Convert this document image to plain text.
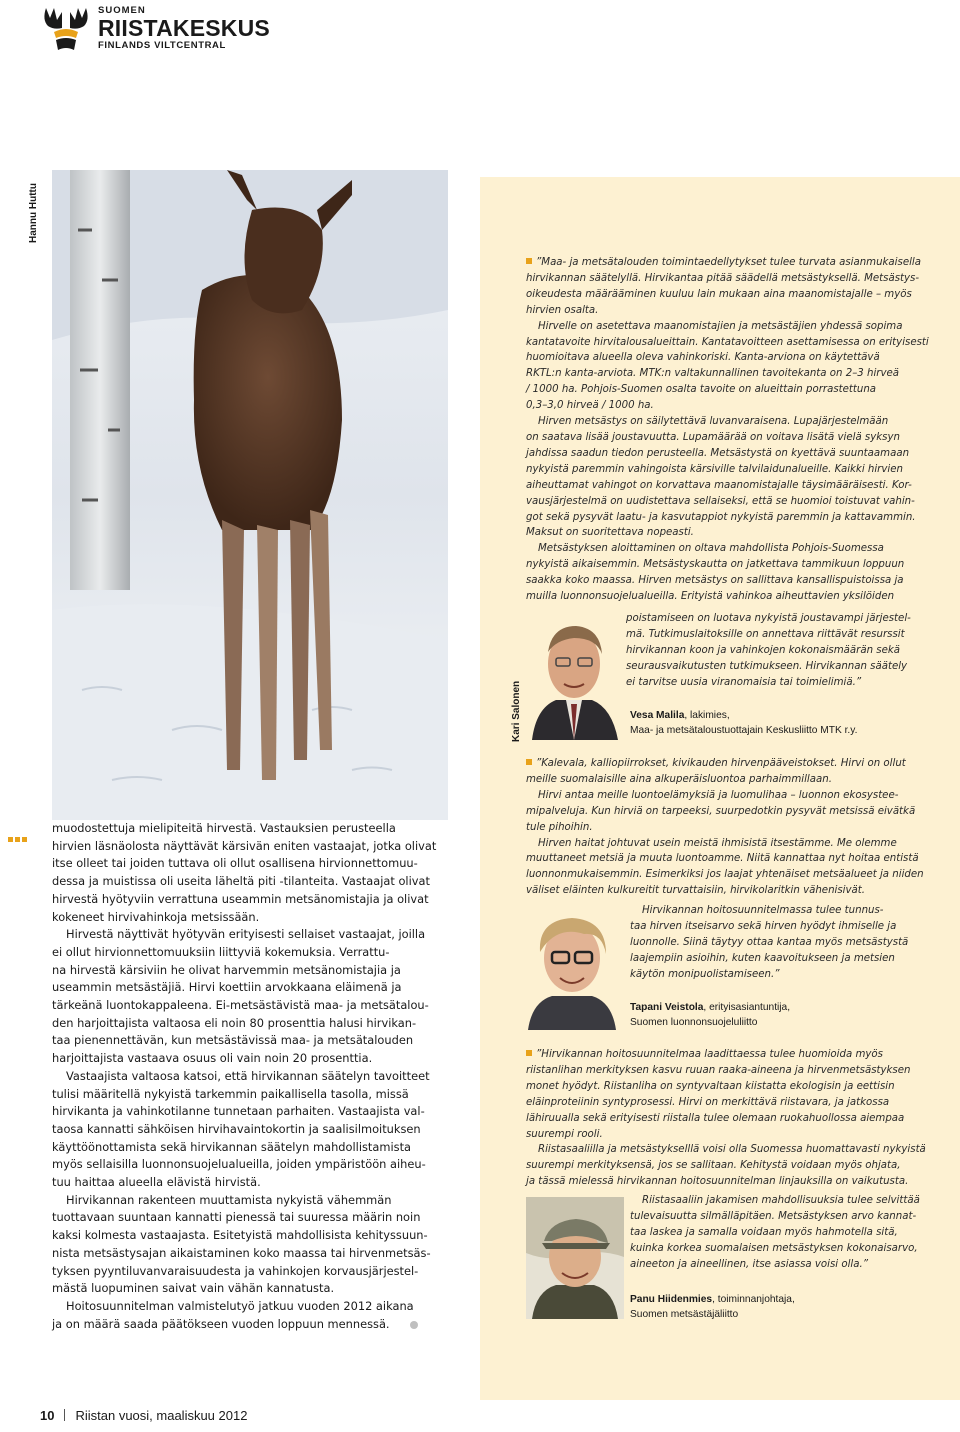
SUOMEN
RIISTAKESKUS
FINLANDS VILTCENTRAL
Hannu Huttu

”Maa- ja metsätalouden toimintaedellytykset tulee turvata asianmukaisella

hirvikannan säätelyllä. Hirvikantaa pitää säädellä metsästyksellä. Metsästys-

oikeudesta määrääminen kuuluu lain mukaan aina maanomistajalle – myös

hirvien osalta.

Hirvelle on asetettava maanomistajien ja metsästäjien yhdessä sopima

kantatavoite hirvitalousalueittain. Kantatavoitteen asettamisessa on erityisesti

huomioitava alueella oleva vahinkoriski. Kanta-arviona on käytettävä

RKTL:n kanta-arviota. MTK:n valtakunnallinen tavoitekanta on 2–3 hirveä

/ 1000 ha. Pohjois-Suomen osalta tavoite on alueittain porrastettuna

0,3–3,0 hirveä / 1000 ha.

Hirven metsästys on säilytettävä luvanvaraisena. Lupajärjestelmään

on saatava lisää joustavuutta. Lupamäärää on voitava lisätä vielä syksyn

jahdissa saadun tiedon perusteella. Metsästystä on kyettävä suuntaamaan

nykyistä paremmin vahingoista kärsiville talvilaidunalueille. Kaikki hirvien

aiheuttamat vahingot on korvattava maanomistajalle täysimääräisesti. Kor-

vausjärjestelmä on uudistettava sellaiseksi, että se huomioi toistuvat vahin-

got sekä pysyvät laatu- ja kasvutappiot nykyistä paremmin ja kattavammin.

Maksut on suoritettava nopeasti.

Metsästyksen aloittaminen on oltava mahdollista Pohjois-Suomessa

nykyistä aikaisemmin. Metsästyskautta on jatkettava tammikuun loppuun

saakka koko maassa. Hirven metsästys on sallittava kansallispuistoissa ja

muilla luonnonsuojelualueilla. Erityistä vahinkoa aiheuttavien yksilöiden

poistamiseen on luotava nykyistä joustavampi järjestel-

mä. Tutkimuslaitoksille on annettava riittävät resurssit

hirvikannan koon ja vahinkojen kokonaismäärän sekä

seurausvaikutusten tutkimukseen. Hirvikannan säätely

ei tarvitse uusia viranomaisia tai toimielimiä.”

Kari Salonen	Vesa Malila, lakimies,
Maa- ja metsätaloustuottajain Keskusliitto MTK r.y.

”Kalevala, kalliopiirrokset, kivikauden hirvenpääveistokset. Hirvi on ollut

meille suomalaisille aina alkuperäisluontoa parhaimmillaan.

Hirvi antaa meille luontoelämyksiä ja luomulihaa – luonnon ekosystee-

mipalveluja. Kun hirviä on tarpeeksi, suurpedotkin pysyvät metsissä eivätkä

tule pihoihin.

Hirven haitat johtuvat usein meistä ihmisistä itsestämme. Me olemme

muuttaneet metsiä ja muuta luontoamme. Niitä kannattaa nyt hoitaa entistä

luonnonmukaisemmin. Esimerkiksi jos laajat yhtenäiset metsäalueet ja niiden

väliset eläinten kulkureitit turvattaisiin, hirvikolaritkin vähenisivät.

Hirvikannan hoitosuunnitelmassa tulee tunnus-

taa hirven itseisarvo sekä hirven hyödyt ihmiselle ja

luonnolle. Siinä täytyy ottaa kantaa myös metsästystä

laajempiin asioihin, kuten kaavoitukseen ja metsien

käytön monipuolistamiseen.”

Tapani Veistola, erityisasiantuntija,
Suomen luonnonsuojeluliitto

”Hirvikannan hoitosuunnitelmaa laadittaessa tulee huomioida myös

riistanlihan merkityksen kasvu ruuan raaka-aineena ja hirvenmetsästyksen

monet hyödyt. Riistanliha on syntyvaltaan kiistatta ekologisin ja eettisin

eläinproteiinin syntyprosessi. Hirvi on merkittävä riistavara, ja jatkossa

lähiruualla sekä erityisesti riistalla tulee olemaan ruokahuollossa aiempaa

suurempi rooli.

Riistasaaliilla ja metsästykselllä voisi olla Suomessa huomattavasti nykyistä

suurempi merkityksensä, jos se sallitaan. Kehitystä voidaan myös ohjata,

ja tässä mielessä hirvikannan hoitosuunnitelman linjauksilla on vaikutusta.

Riistasaaliin jakamisen mahdollisuuksia tulee selvittää

tulevaisuutta silmälläpitäen. Metsästyksen arvo kannat-

taa laskea ja samalla voidaan myös hahmotella sitä,

kuinka korkea suomalaisen metsästyksen kokonaisarvo,

aineeton ja aineellinen, itse asiassa voisi olla.”

Panu Hiidenmies, toiminnanjohtaja,
Suomen metsästäjäliitto

muodostettuja mielipiteitä hirvestä. Vastauksien perusteella

hirvien läsnäolosta näyttävät kärsivän eniten vastaajat, jotka olivat

itse olleet tai joiden tuttava oli ollut osallisena hirvionnettomuu-

dessa ja muistissa oli useita läheltä piti -tilanteita. Vastaajat olivat

hirvestä hyötyviin verrattuna useammin metsänomistajia ja olivat

kokeneet hirvivahinkoja metsissään.

Hirvestä näyttivät hyötyvän erityisesti sellaiset vastaajat, joilla

ei ollut hirvionnettomuuksiin liittyviä kokemuksia. Verrattu-

na hirvestä kärsiviin he olivat harvemmin metsänomistajia ja

useammin metsästäjiä. Hirvi koettiin arvokkaana eläimenä ja

tärkeänä luontokappaleena. Ei-metsästävistä maa- ja metsätalou-

den harjoittajista valtaosa eli noin 80 prosenttia halusi hirvikan-

taa pienennettävän, kun metsästävissä maa- ja metsätalouden

harjoittajista vastaava osuus oli vain noin 20 prosenttia.

Vastaajista valtaosa katsoi, että hirvikannan säätelyn tavoitteet

tulisi määritellä nykyistä tarkemmin paikallisella tasolla, missä

hirvikanta ja vahinkotilanne tunnetaan parhaiten. Vastaajista val-

taosa kannatti sähköisen hirvihavaintokortin ja saalisilmoituksen

käyttöönottamista sekä hirvikannan säätelyn mahdollistamista

myös sellaisilla luonnonsuojelualueilla, joiden ympäristöön aiheu-

tuu haittaa alueella elävistä hirvistä.

Hirvikannan rakenteen muuttamista nykyistä vähemmän

tuottavaan suuntaan kannatti pienessä tai suuressa määrin noin

kaksi kolmesta vastaajasta. Esitetyistä mahdollisista kehityssuun-

nista metsästysajan aikaistaminen koko maassa tai hirvenmetsäs-

tyksen pyyntiluvanvaraisuudesta ja vahinkojen korvausjärjestel-

mästä luopuminen saivat vain vähän kannatusta.

Hoitosuunnitelman valmistelutyö jatkuu vuoden 2012 aikana

ja on määrä saada päätökseen vuoden loppuun mennessä.

10 Riistan vuosi, maaliskuu 2012
